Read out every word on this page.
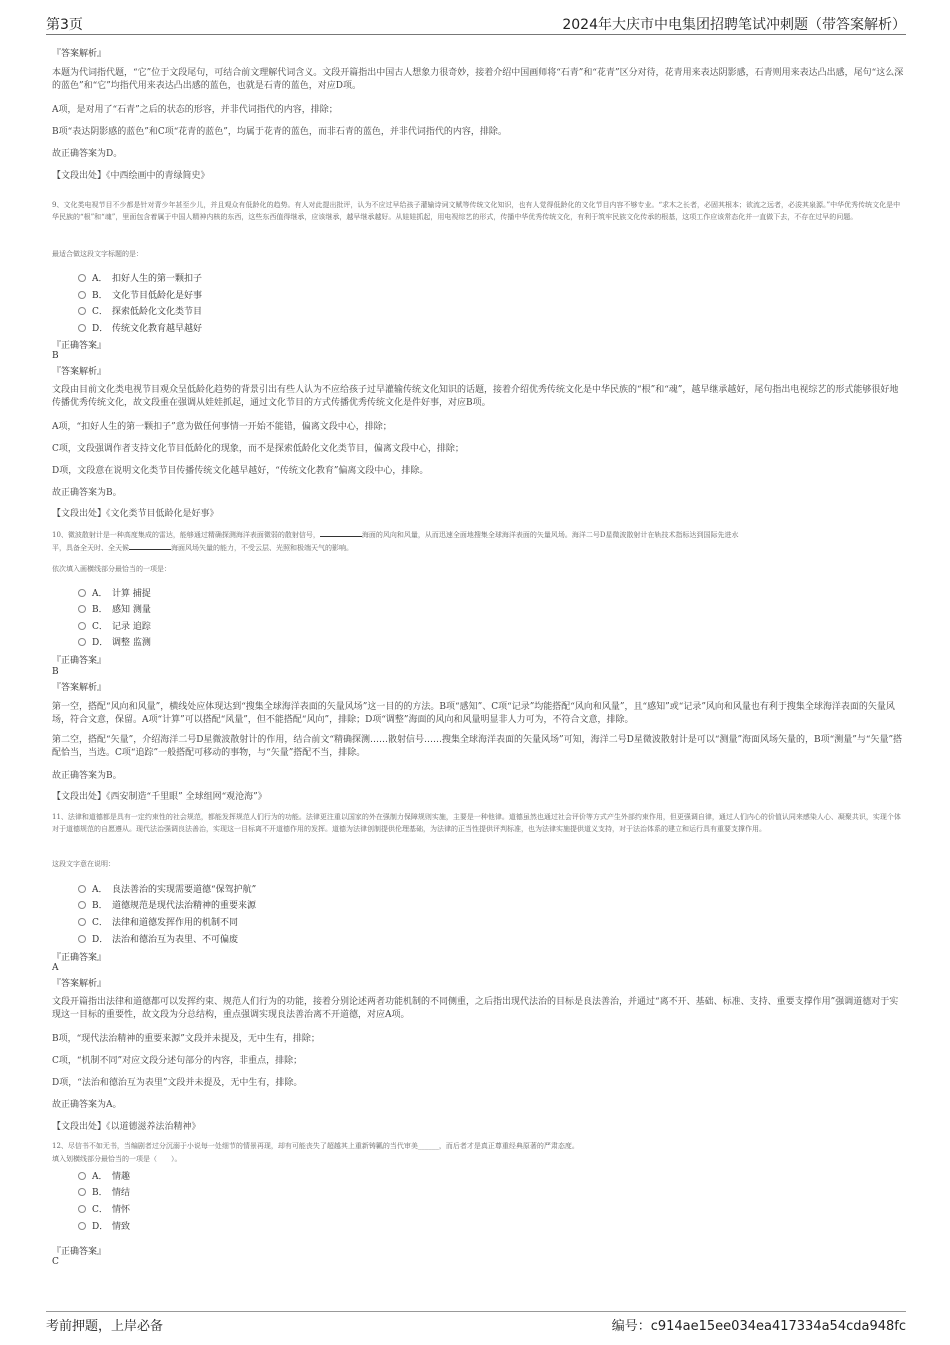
第3页	2024年大庆市中电集团招聘笔试冲刺题（带答案解析）
『答案解析』
本题为代词指代题，“它”位于文段尾句，可结合前文理解代词含义。文段开篇指出中国古人想象力很奇妙，接着介绍中国画师将“石青”和“花青”区分对待，花青用来表达阴影感，石青则用来表达凸出感，尾句“这么深的蓝色”和“它”均指代用来表达凸出感的蓝色，也就是石青的蓝色，对应D项。
A项，是对用了“石青”之后的状态的形容，并非代词指代的内容，排除；
B项“表达阴影感的蓝色”和C项“花青的蓝色”，均属于花青的蓝色，而非石青的蓝色，并非代词指代的内容，排除。
故正确答案为D。
【文段出处】《中西绘画中的青绿简史》
9、文化类电视节目不少都是针对青少年甚至少儿，并且观众有低龄化的趋势。有人对此提出批评，认为不应过早给孩子灌输诗词文赋等传统文化知识，也有人觉得低龄化的文化节目内容不够专业。“求木之长者，必固其根本；欲流之远者，必浚其泉源。”中华优秀传统文化是中华民族的“根”和“魂”，里面包含着属于中国人精神内核的东西，这些东西值得继承，应该继承，越早继承越好。从娃娃抓起，用电视综艺的形式，传播中华优秀传统文化，有利于筑牢民族文化传承的根基，这项工作应该常态化并一直做下去，不存在过早的问题。
最适合做这段文字标题的是：
A． 扣好人生的第一颗扣子
B． 文化节目低龄化是好事
C． 探索低龄化文化类节目
D． 传统文化教育越早越好
『正确答案』
B
『答案解析』
文段由目前文化类电视节目观众呈低龄化趋势的背景引出有些人认为不应给孩子过早灌输传统文化知识的话题，接着介绍优秀传统文化是中华民族的“根”和“魂”，越早继承越好，尾句指出电视综艺的形式能够很好地传播优秀传统文化，故文段重在强调从娃娃抓起，通过文化节目的方式传播优秀传统文化是件好事，对应B项。
A项，“扣好人生的第一颗扣子”意为做任何事情一开始不能错，偏离文段中心，排除；
C项，文段强调作者支持文化节目低龄化的现象，而不是探索低龄化文化类节目，偏离文段中心，排除；
D项，文段意在说明文化类节目传播传统文化越早越好，“传统文化教育”偏离文段中心，排除。
故正确答案为B。
【文段出处】《文化类节目低龄化是好事》
10、微波散射计是一种高度集成的雷达，能够通过精确探测海洋表面微弱的散射信号，	海面的风向和风量，从而迅速全面地搜集全球海洋表面的矢量风场。海洋二号D星微波散射计在轨技术指标达到国际先进水
平，具备全天时、全天候	海面风场矢量的能力，不受云层、光照和极端天气的影响。
依次填入画横线部分最恰当的一项是：
A． 计算 捕捉
B． 感知 测量
C． 记录 追踪
D． 调整 监测
『正确答案』
B
『答案解析』
第一空，搭配“风向和风量”，横线处应体现达到“搜集全球海洋表面的矢量风场”这一目的的方法。B项“感知”、C项“记录”均能搭配“风向和风量”，且“感知”或“记录”风向和风量也有利于搜集全球海洋表面的矢量风场，符合文意，保留。A项“计算”可以搭配“风量”，但不能搭配“风向”，排除；D项“调整”海面的风向和风量明显非人力可为，不符合文意，排除。
第二空，搭配“矢量”，介绍海洋二号D星微波散射计的作用，结合前文“精确探测……散射信号……搜集全球海洋表面的矢量风场”可知，海洋二号D星微波散射计是可以“测量”海面风场矢量的，B项“测量”与“矢量”搭配恰当，当选。C项“追踪”一般搭配可移动的事物，与“矢量”搭配不当，排除。
故正确答案为B。
【文段出处】《西安制造“千里眼” 全球组网“观沧海”》
11、法律和道德都是具有一定约束性的社会规范，都能发挥规范人们行为的功能。法律更注重以国家的外在强制力保障规则实施，主要是一种他律。道德虽然也通过社会评价等方式产生外部约束作用，但更强调自律，通过人们内心的价值认同来感染人心、凝聚共识，实现个体对于道德规范的自愿遵从。现代法治强调良法善治，实现这一目标离不开道德作用的发挥。道德为法律创制提供伦理基础，为法律的正当性提供评判标准，也为法律实施提供道义支持，对于法治体系的建立和运行具有重要支撑作用。
这段文字意在说明：
A． 良法善治的实现需要道德“保驾护航”
B． 道德规范是现代法治精神的重要来源
C． 法律和道德发挥作用的机制不同
D． 法治和德治互为表里、不可偏废
『正确答案』
A
『答案解析』
文段开篇指出法律和道德都可以发挥约束、规范人们行为的功能，接着分别论述两者功能机制的不同侧重，之后指出现代法治的目标是良法善治，并通过“离不开、基础、标准、支持、重要支撑作用”强调道德对于实现这一目标的重要性，故文段为分总结构，重点强调实现良法善治离不开道德，对应A项。
B项，“现代法治精神的重要来源”文段并未提及，无中生有，排除；
C项，“机制不同”对应文段分述句部分的内容，非重点，排除；
D项，“法治和德治互为表里”文段并未提及，无中生有，排除。
故正确答案为A。
【文段出处】《以道德滋养法治精神》
12、尽信书不如无书，当编剧者过分沉溺于小说每一处细节的情景再现，却有可能丧失了超越其上重新铸瓤的当代审美______，而后者才是真正尊重经典原著的严肃态度。
填入划横线部分最恰当的一项是（　　）。
A． 情趣
B． 情结
C． 情怀
D． 情致
『正确答案』
C
考前押题，上岸必备	编号：c914ae15ee034ea417334a54cda948fc
